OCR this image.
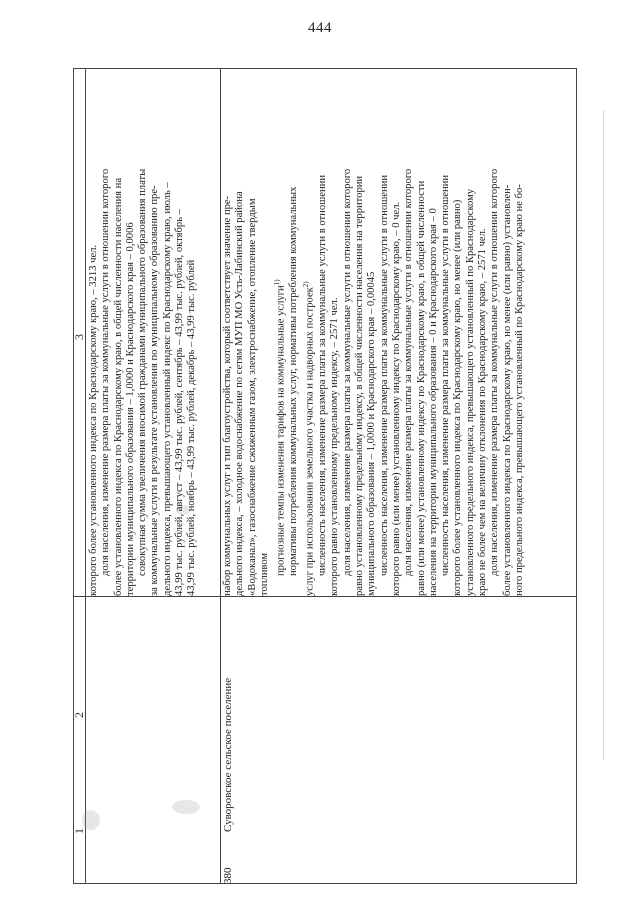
444
1
2
3
380
Суворовское сельское поселение

которого более установленного индекса по Краснодарскому краю, – 3213 чел. доля населения, изменение размера платы за коммунальные услуги в отношении которого более установленного индекса по Краснодарскому краю, в общей численности населения на территории муниципального образования – 1,0000 и Краснодарского края – 0,0006 совокупная сумма увеличения вносимой гражданами муниципального образования платы за коммунальные услуги в результате установления по муниципальному образованию пре- дельного индекса, превышающего установленный индекс по Краснодарскому краю, июль – 43,99 тыс. рублей, август – 43,99 тыс. рублей, сентябрь – 43,99 тыс. рублей, октябрь – 43,99 тыс. рублей, ноябрь – 43,99 тыс. рублей, декабрь – 43,99 тыс. рублей набор коммунальных услуг и тип благоустройства, который соответствует значение пре- дельного индекса, – холодное водоснабжение по сетям МУП МО Усть-Лабинский района «Водоканал», газоснабжение сжиженным газом, электроснабжение, отопление твердым топливом прогнозные темпы изменения тарифов на коммунальные услуги$^{1)}$ нормативы потребления коммунальных услуг, нормативы потребления коммунальных услуг при использовании земельного участка и надворных построек$^{2)}$ численность населения, изменение размера платы за коммунальные услуги в отношении которого равно установленному предельному индексу, – 2571 чел. доля населения, изменение размера платы за коммунальные услуги в отношении которого равно установленному предельному индексу, в общей численности населения на территории муниципального образования – 1,0000 и Краснодарского края – 0,00045 численность населения, изменение размера платы за коммунальные услуги в отношении которого равно (или менее) установленному индексу по Краснодарскому краю, – 0 чел. доля населения, изменение размера платы за коммунальные услуги в отношении которого равно (или менее) установленному индексу по Краснодарскому краю, в общей численности населения на территории муниципального образования – 0 и Краснодарского края – 0 численность населения, изменение размера платы за коммунальные услуги в отношении которого более установленного индекса по Краснодарскому краю, но менее (или равно) установленного предельного индекса, превышающего установленный по Краснодарскому краю не более чем на величину отклонения по Краснодарскому краю, – 2571 чел. доля населения, изменение размера платы за коммунальные услуги в отношении которого более установленного индекса по Краснодарскому краю, но менее (или равно) установлен- ного предельного индекса, превышающего установленный по Краснодарскому краю не бо-
